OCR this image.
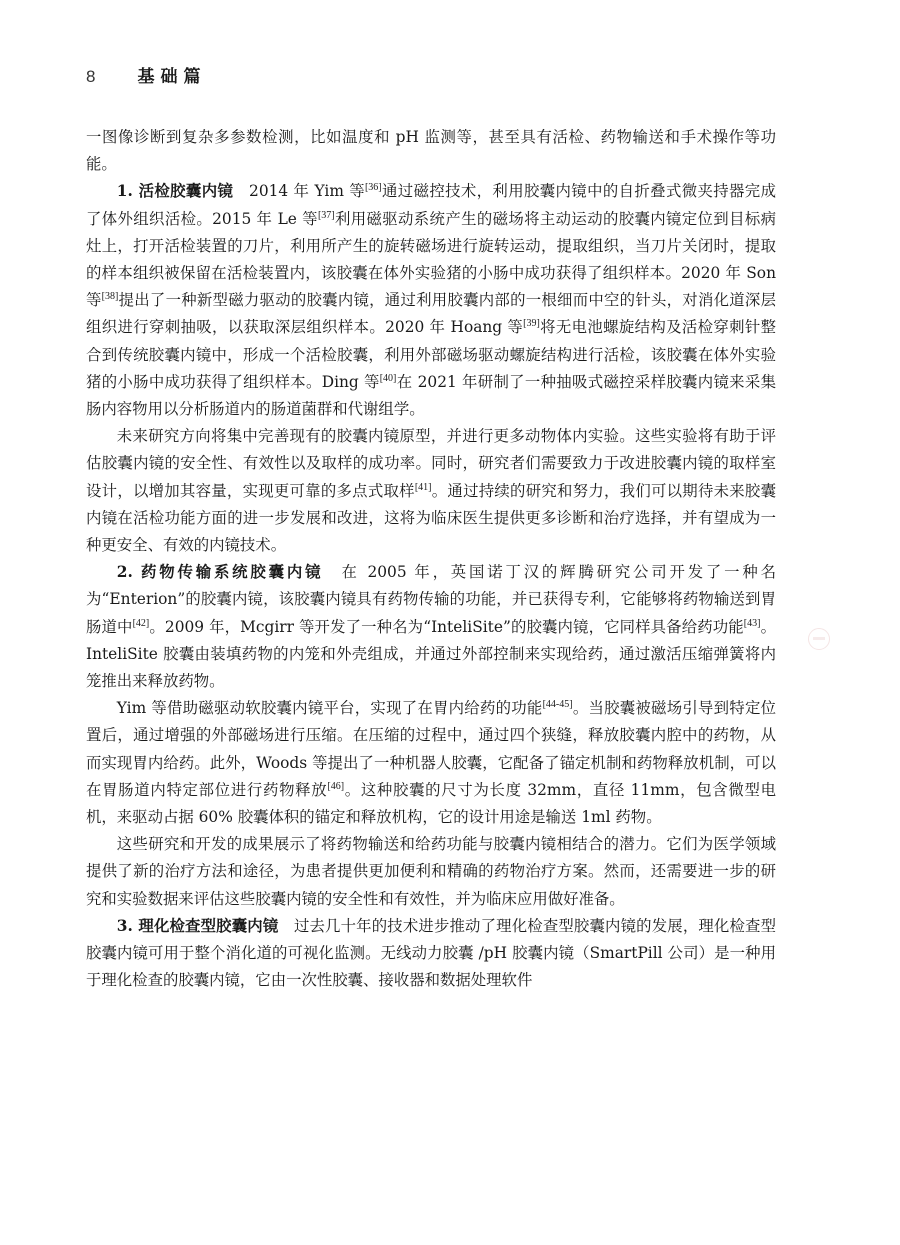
8 基础篇

一图像诊断到复杂多参数检测，比如温度和 pH 监测等，甚至具有活检、药物输送和手术操作等功能。

1. 活检胶囊内镜　2014 年 Yim 等[36]通过磁控技术，利用胶囊内镜中的自折叠式微夹持器完成了体外组织活检。2015 年 Le 等[37]利用磁驱动系统产生的磁场将主动运动的胶囊内镜定位到目标病灶上，打开活检装置的刀片，利用所产生的旋转磁场进行旋转运动，提取组织，当刀片关闭时，提取的样本组织被保留在活检装置内，该胶囊在体外实验猪的小肠中成功获得了组织样本。2020 年 Son 等[38]提出了一种新型磁力驱动的胶囊内镜，通过利用胶囊内部的一根细而中空的针头，对消化道深层组织进行穿刺抽吸，以获取深层组织样本。2020 年 Hoang 等[39]将无电池螺旋结构及活检穿刺针整合到传统胶囊内镜中，形成一个活检胶囊，利用外部磁场驱动螺旋结构进行活检，该胶囊在体外实验猪的小肠中成功获得了组织样本。Ding 等[40]在 2021 年研制了一种抽吸式磁控采样胶囊内镜来采集肠内容物用以分析肠道内的肠道菌群和代谢组学。

未来研究方向将集中完善现有的胶囊内镜原型，并进行更多动物体内实验。这些实验将有助于评估胶囊内镜的安全性、有效性以及取样的成功率。同时，研究者们需要致力于改进胶囊内镜的取样室设计，以增加其容量，实现更可靠的多点式取样[41]。通过持续的研究和努力，我们可以期待未来胶囊内镜在活检功能方面的进一步发展和改进，这将为临床医生提供更多诊断和治疗选择，并有望成为一种更安全、有效的内镜技术。

2. 药物传输系统胶囊内镜　在 2005 年，英国诺丁汉的辉腾研究公司开发了一种名为“Enterion”的胶囊内镜，该胶囊内镜具有药物传输的功能，并已获得专利，它能够将药物输送到胃肠道中[42]。2009 年，Mcgirr 等开发了一种名为“InteliSite”的胶囊内镜，它同样具备给药功能[43]。InteliSite 胶囊由装填药物的内笼和外壳组成，并通过外部控制来实现给药，通过激活压缩弹簧将内笼推出来释放药物。

Yim 等借助磁驱动软胶囊内镜平台，实现了在胃内给药的功能[44-45]。当胶囊被磁场引导到特定位置后，通过增强的外部磁场进行压缩。在压缩的过程中，通过四个狭缝，释放胶囊内腔中的药物，从而实现胃内给药。此外，Woods 等提出了一种机器人胶囊，它配备了锚定机制和药物释放机制，可以在胃肠道内特定部位进行药物释放[46]。这种胶囊的尺寸为长度 32mm，直径 11mm，包含微型电机，来驱动占据 60% 胶囊体积的锚定和释放机构，它的设计用途是输送 1ml 药物。

这些研究和开发的成果展示了将药物输送和给药功能与胶囊内镜相结合的潜力。它们为医学领域提供了新的治疗方法和途径，为患者提供更加便利和精确的药物治疗方案。然而，还需要进一步的研究和实验数据来评估这些胶囊内镜的安全性和有效性，并为临床应用做好准备。

3. 理化检查型胶囊内镜　过去几十年的技术进步推动了理化检查型胶囊内镜的发展，理化检查型胶囊内镜可用于整个消化道的可视化监测。无线动力胶囊 /pH 胶囊内镜（SmartPill 公司）是一种用于理化检查的胶囊内镜，它由一次性胶囊、接收器和数据处理软件
